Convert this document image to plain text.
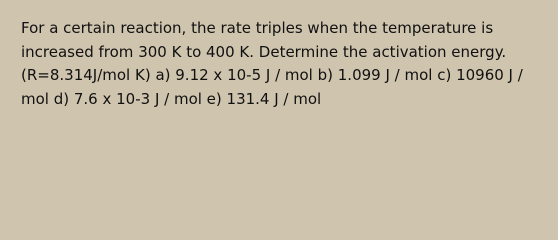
For a certain reaction, the rate triples when the temperature is increased from 300 K to 400 K. Determine the activation energy. (R=8.314J/mol K) a) 9.12 x 10-5 J / mol b) 1.099 J / mol c) 10960 J / mol d) 7.6 x 10-3 J / mol e) 131.4 J / mol
